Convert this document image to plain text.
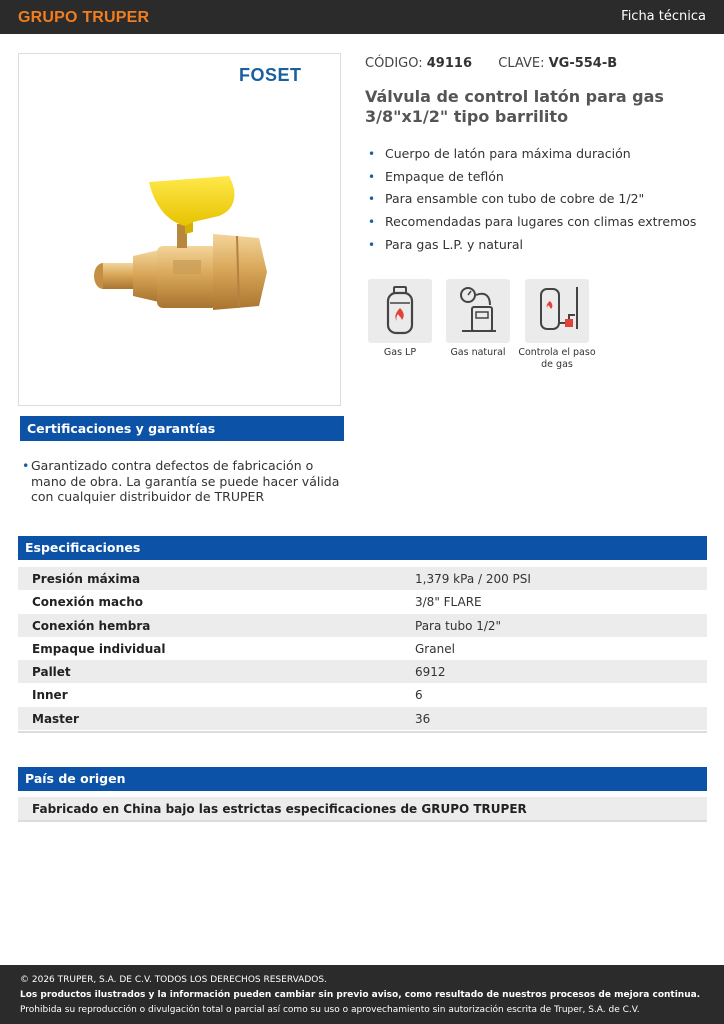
GRUPO TRUPER	Ficha técnica
FOSET
CÓDIGO: 49116 CLAVE: VG-554-B
Válvula de control latón para gas 3/8"x1/2" tipo barrilito
• Cuerpo de latón para máxima duración
• Empaque de teflón
• Para ensamble con tubo de cobre de 1/2"
• Recomendadas para lugares con climas extremos
• Para gas L.P. y natural
Gas LP	Gas natural	Controla el paso de gas
Certificaciones y garantías
• Garantizado contra defectos de fabricación o mano de obra. La garantía se puede hacer válida con cualquier distribuidor de TRUPER
Especificaciones
Presión máxima	1,379 kPa / 200 PSI
Conexión macho	3/8" FLARE
Conexión hembra	Para tubo 1/2"
Empaque individual	Granel
Pallet	6912
Inner	6
Master	36
País de origen
Fabricado en China bajo las estrictas especificaciones de GRUPO TRUPER
© 2026 TRUPER, S.A. DE C.V. TODOS LOS DERECHOS RESERVADOS.
Los productos ilustrados y la información pueden cambiar sin previo aviso, como resultado de nuestros procesos de mejora continua.
Prohibida su reproducción o divulgación total o parcial así como su uso o aprovechamiento sin autorización escrita de Truper, S.A. de C.V.
